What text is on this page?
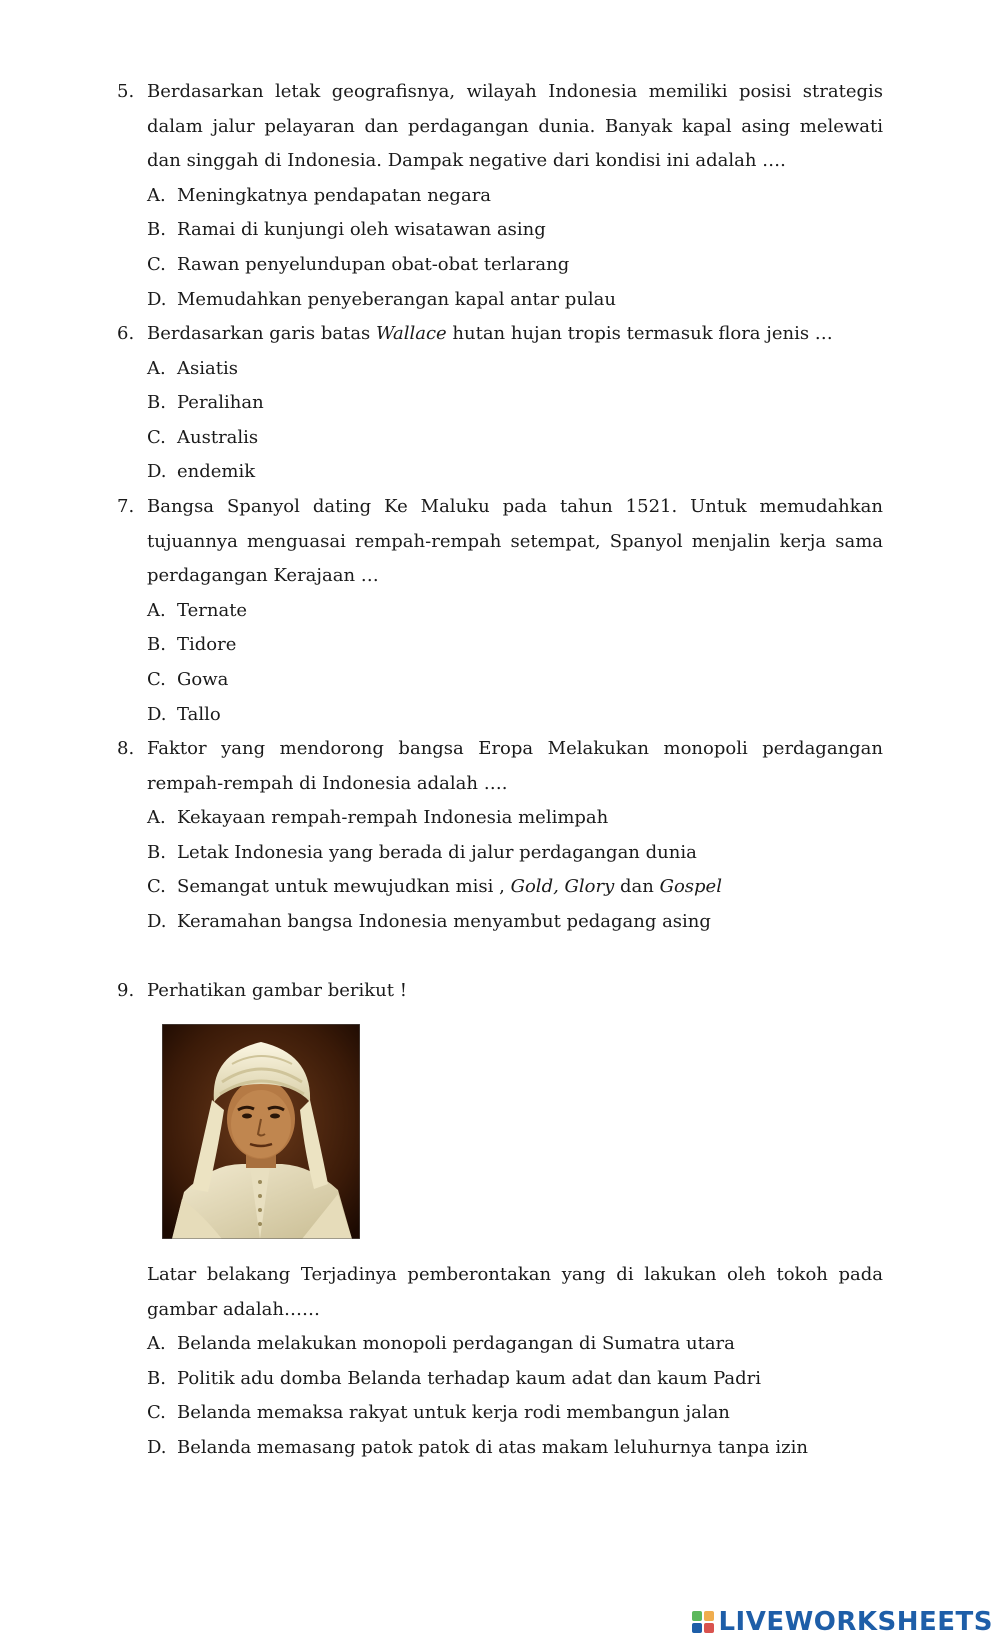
5. Berdasarkan letak geografisnya, wilayah Indonesia memiliki posisi strategis dalam jalur pelayaran dan perdagangan dunia. Banyak kapal asing melewati dan singgah di Indonesia. Dampak negative dari kondisi ini adalah ….
A. Meningkatnya pendapatan negara
B. Ramai di kunjungi oleh wisatawan asing
C. Rawan penyelundupan obat-obat terlarang
D. Memudahkan penyeberangan kapal antar pulau
6. Berdasarkan garis batas Wallace hutan hujan tropis termasuk flora jenis …
A. Asiatis
B. Peralihan
C. Australis
D. endemik
7. Bangsa Spanyol dating Ke Maluku pada tahun 1521. Untuk memudahkan tujuannya menguasai rempah-rempah setempat, Spanyol menjalin kerja sama perdagangan Kerajaan …
A. Ternate
B. Tidore
C. Gowa
D. Tallo
8. Faktor yang mendorong bangsa Eropa Melakukan monopoli perdagangan rempah-rempah di Indonesia adalah ….
A. Kekayaan rempah-rempah Indonesia melimpah
B. Letak Indonesia yang berada di jalur perdagangan dunia
C. Semangat untuk mewujudkan misi , Gold, Glory dan Gospel
D. Keramahan bangsa Indonesia menyambut pedagang asing
9. Perhatikan gambar berikut !
Latar belakang Terjadinya pemberontakan yang di lakukan oleh tokoh pada gambar adalah……
A. Belanda melakukan monopoli perdagangan di Sumatra utara
B. Politik adu domba Belanda terhadap kaum adat dan kaum Padri
C. Belanda memaksa rakyat untuk kerja rodi membangun jalan
D. Belanda memasang patok patok di atas makam leluhurnya tanpa izin
LIVEWORKSHEETS
